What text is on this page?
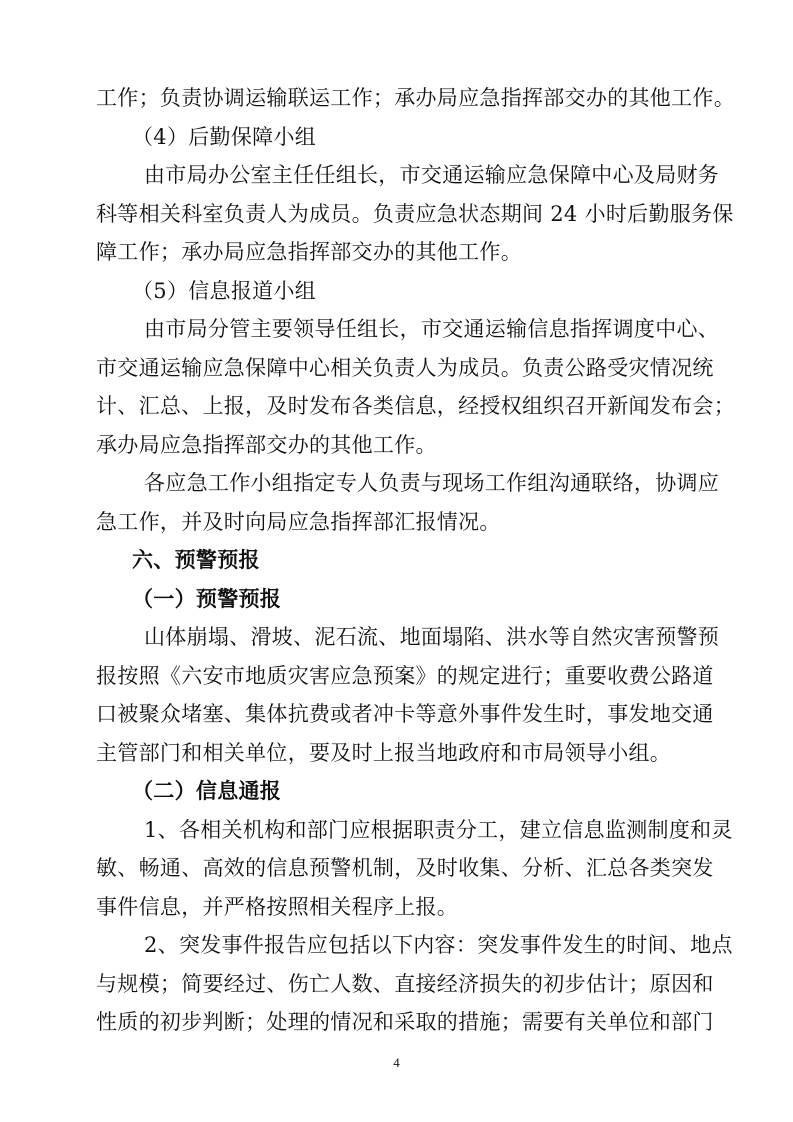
工作；负责协调运输联运工作；承办局应急指挥部交办的其他工作。
（4）后勤保障小组
由市局办公室主任任组长，市交通运输应急保障中心及局财务
科等相关科室负责人为成员。负责应急状态期间 24 小时后勤服务保
障工作；承办局应急指挥部交办的其他工作。
（5）信息报道小组
由市局分管主要领导任组长，市交通运输信息指挥调度中心、
市交通运输应急保障中心相关负责人为成员。负责公路受灾情况统
计、汇总、上报，及时发布各类信息，经授权组织召开新闻发布会；
承办局应急指挥部交办的其他工作。
各应急工作小组指定专人负责与现场工作组沟通联络，协调应
急工作，并及时向局应急指挥部汇报情况。
六、预警预报
（一）预警预报
山体崩塌、滑坡、泥石流、地面塌陷、洪水等自然灾害预警预
报按照《六安市地质灾害应急预案》的规定进行；重要收费公路道
口被聚众堵塞、集体抗费或者冲卡等意外事件发生时，事发地交通
主管部门和相关单位，要及时上报当地政府和市局领导小组。
（二）信息通报
1、各相关机构和部门应根据职责分工，建立信息监测制度和灵
敏、畅通、高效的信息预警机制，及时收集、分析、汇总各类突发
事件信息，并严格按照相关程序上报。
2、突发事件报告应包括以下内容：突发事件发生的时间、地点
与规模；简要经过、伤亡人数、直接经济损失的初步估计；原因和
性质的初步判断；处理的情况和采取的措施；需要有关单位和部门
4
